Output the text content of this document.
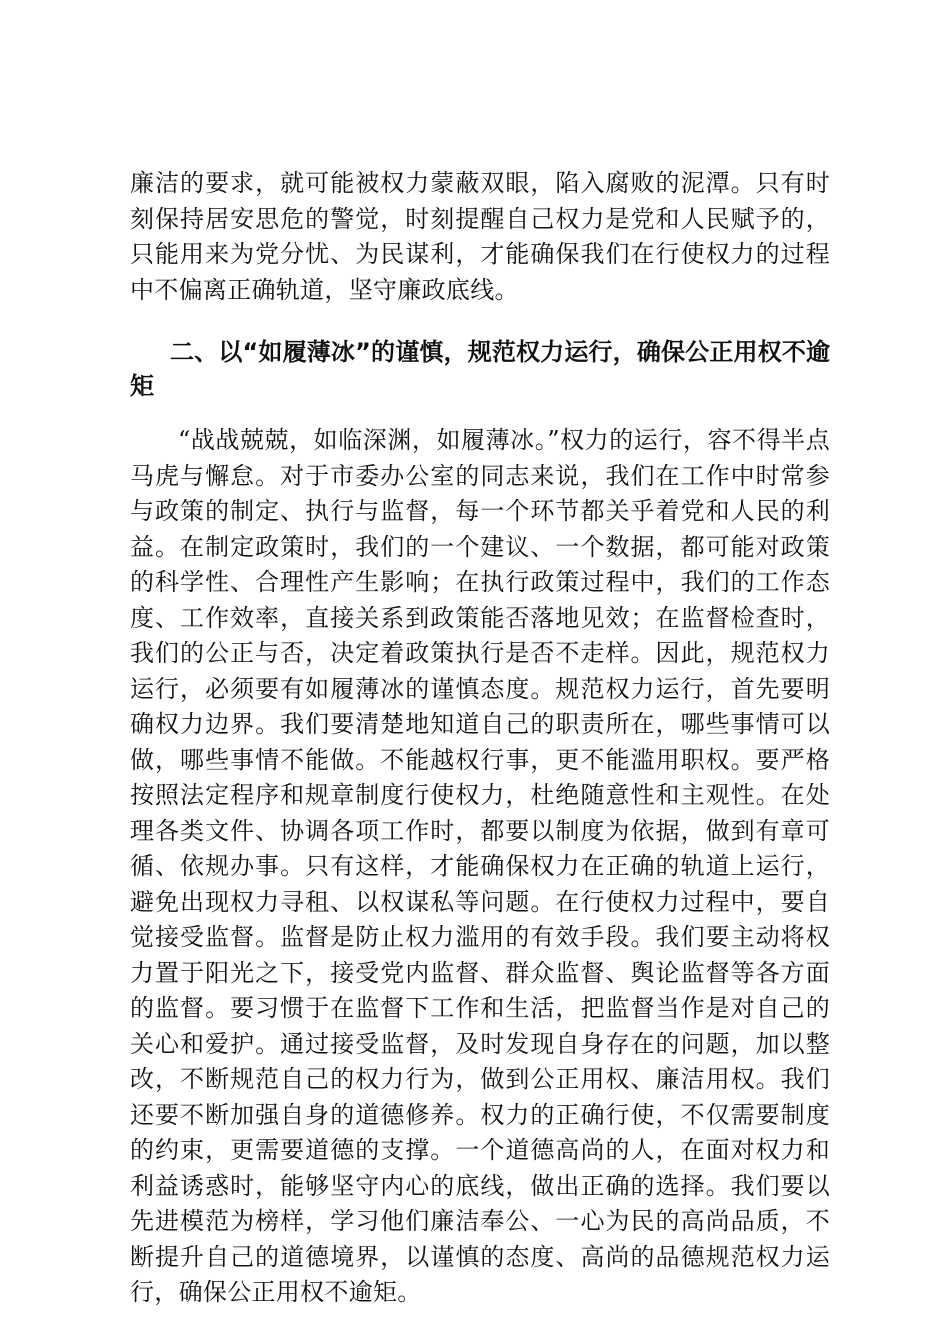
廉洁的要求，就可能被权力蒙蔽双眼，陷入腐败的泥潭。只有时刻保持居安思危的警觉，时刻提醒自己权力是党和人民赋予的，只能用来为党分忧、为民谋利，才能确保我们在行使权力的过程中不偏离正确轨道，坚守廉政底线。

二、以“如履薄冰”的谨慎，规范权力运行，确保公正用权不逾矩

“战战兢兢，如临深渊，如履薄冰。”权力的运行，容不得半点马虎与懈怠。对于市委办公室的同志来说，我们在工作中时常参与政策的制定、执行与监督，每一个环节都关乎着党和人民的利益。在制定政策时，我们的一个建议、一个数据，都可能对政策的科学性、合理性产生影响；在执行政策过程中，我们的工作态度、工作效率，直接关系到政策能否落地见效；在监督检查时，我们的公正与否，决定着政策执行是否不走样。因此，规范权力运行，必须要有如履薄冰的谨慎态度。规范权力运行，首先要明确权力边界。我们要清楚地知道自己的职责所在，哪些事情可以做，哪些事情不能做。不能越权行事，更不能滥用职权。要严格按照法定程序和规章制度行使权力，杜绝随意性和主观性。在处理各类文件、协调各项工作时，都要以制度为依据，做到有章可循、依规办事。只有这样，才能确保权力在正确的轨道上运行，避免出现权力寻租、以权谋私等问题。在行使权力过程中，要自觉接受监督。监督是防止权力滥用的有效手段。我们要主动将权力置于阳光之下，接受党内监督、群众监督、舆论监督等各方面的监督。要习惯于在监督下工作和生活，把监督当作是对自己的关心和爱护。通过接受监督，及时发现自身存在的问题，加以整改，不断规范自己的权力行为，做到公正用权、廉洁用权。我们还要不断加强自身的道德修养。权力的正确行使，不仅需要制度的约束，更需要道德的支撑。一个道德高尚的人，在面对权力和利益诱惑时，能够坚守内心的底线，做出正确的选择。我们要以先进模范为榜样，学习他们廉洁奉公、一心为民的高尚品质，不断提升自己的道德境界，以谨慎的态度、高尚的品德规范权力运行，确保公正用权不逾矩。
